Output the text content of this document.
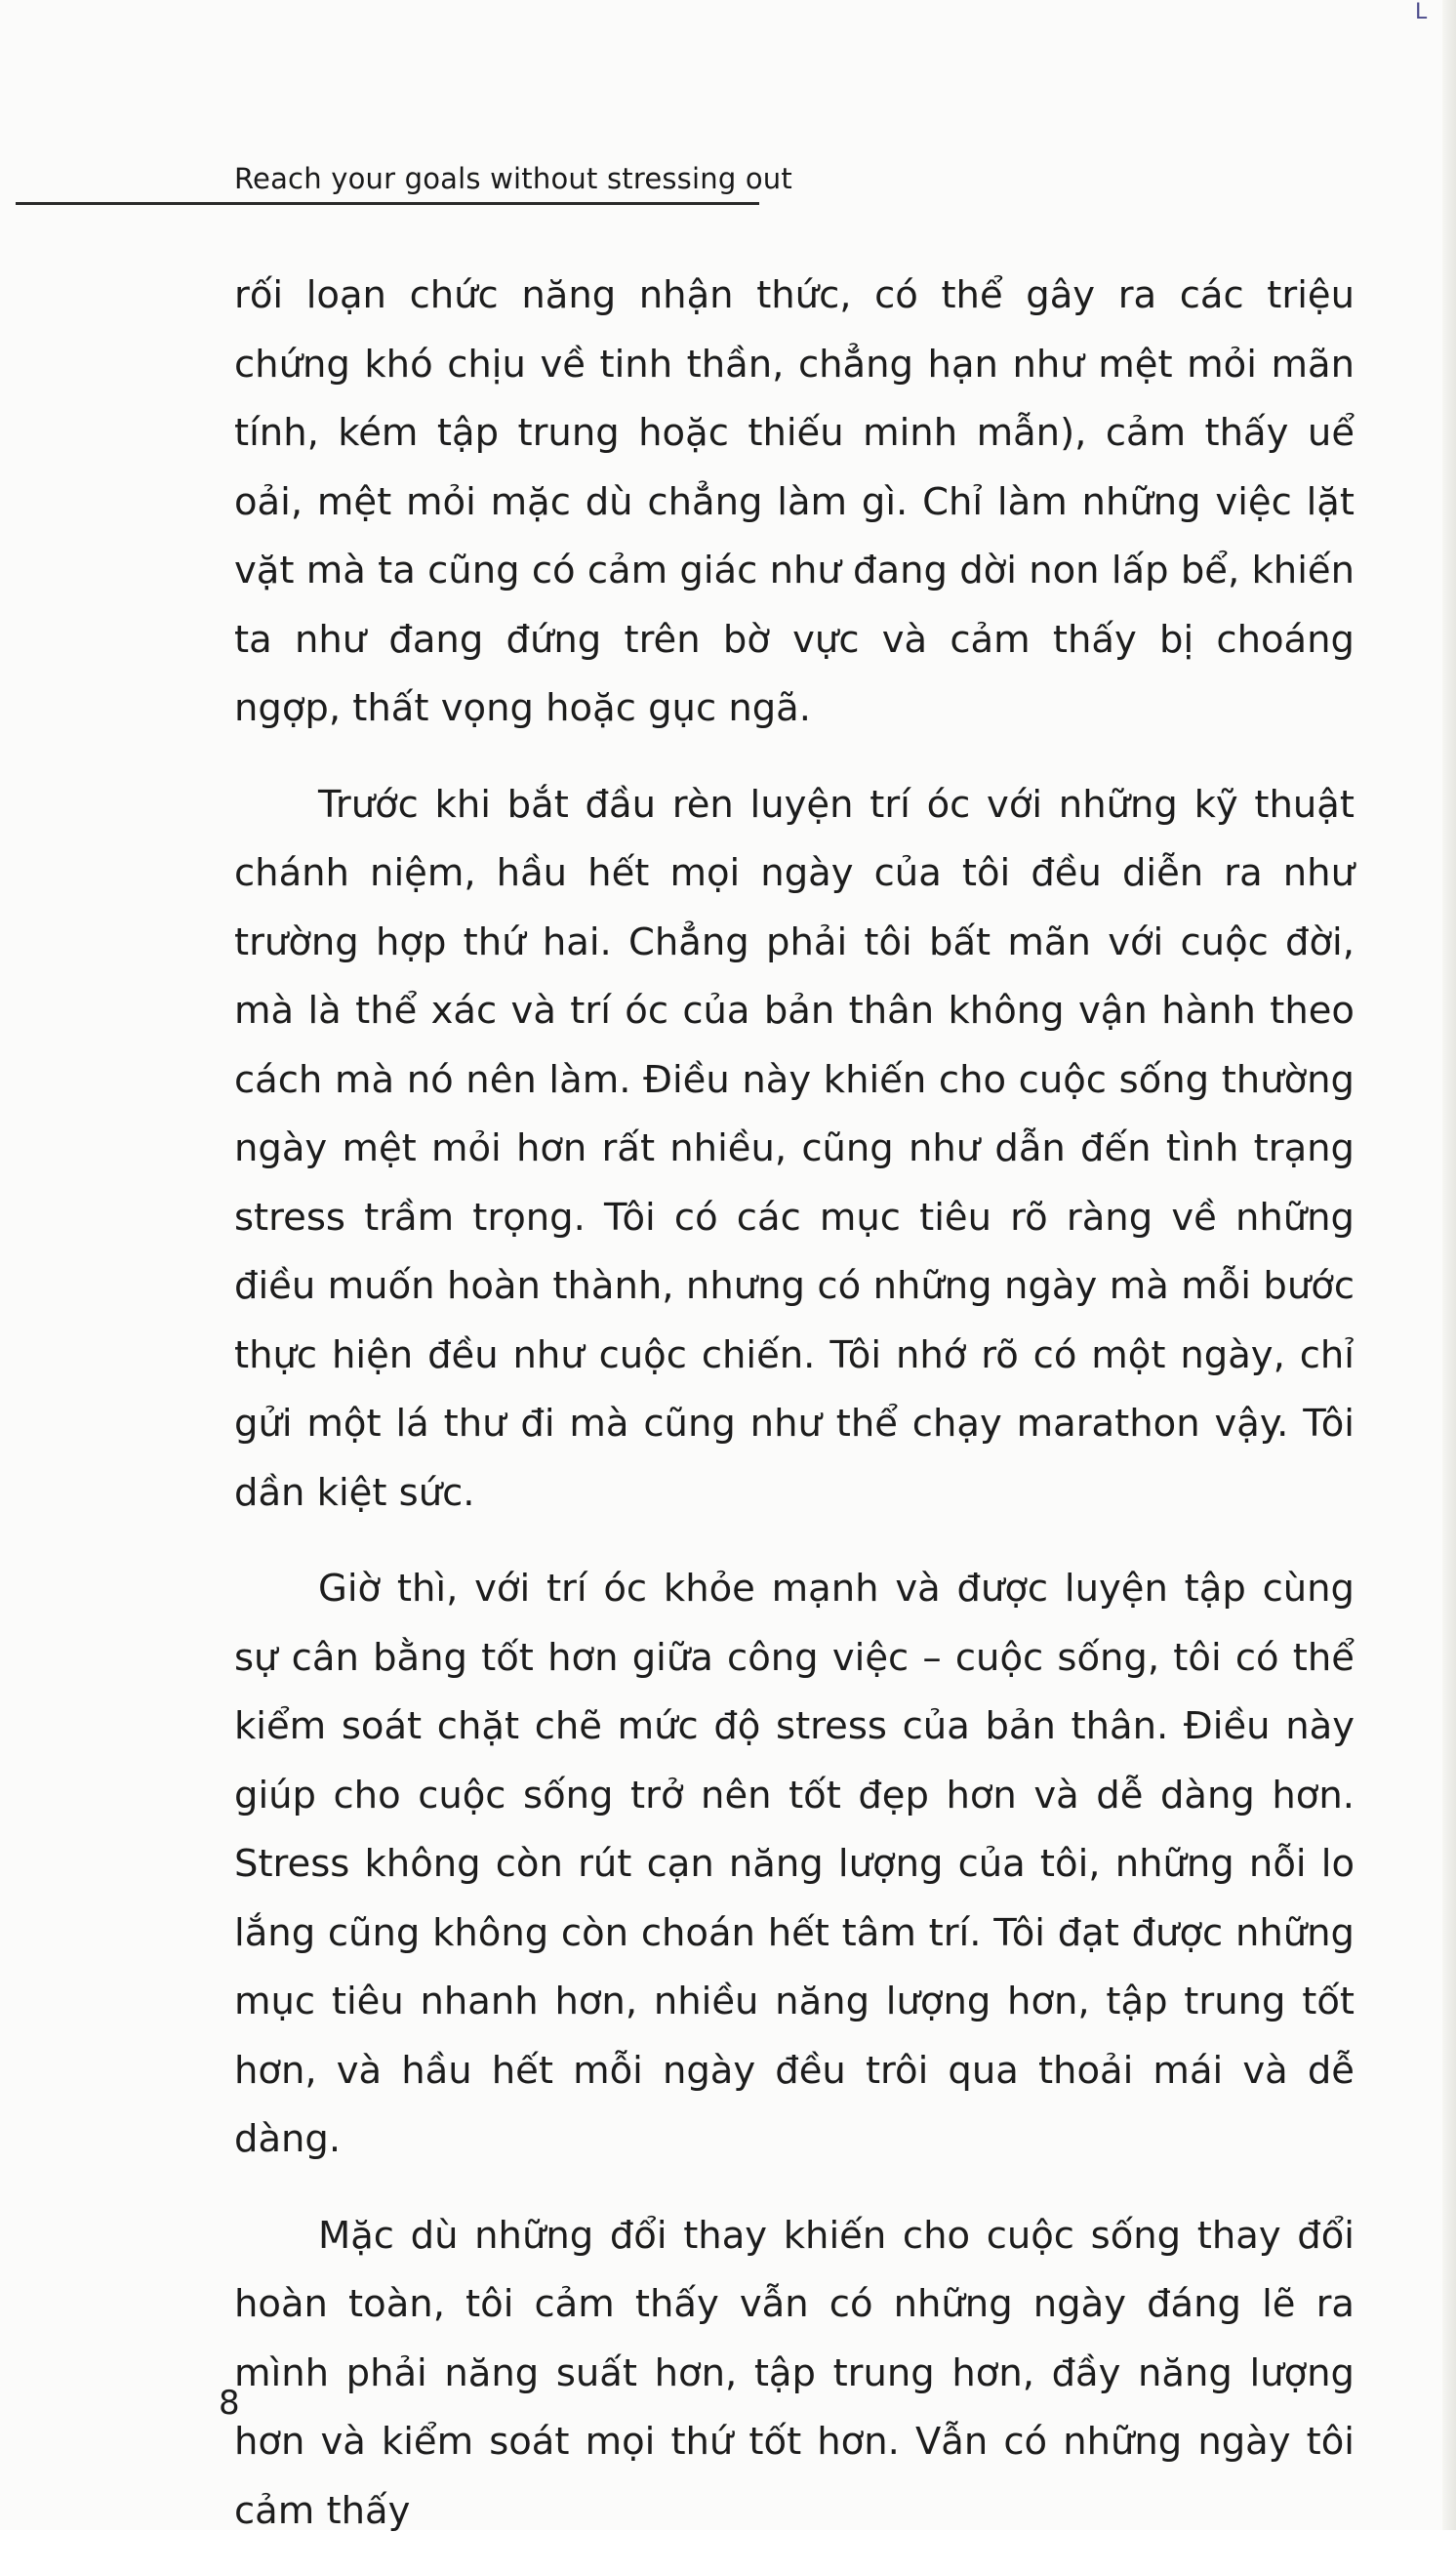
L
Reach your goals without stressing out

rối loạn chức năng nhận thức, có thể gây ra các triệu chứng khó chịu về tinh thần, chẳng hạn như mệt mỏi mãn tính, kém tập trung hoặc thiếu minh mẫn), cảm thấy uể oải, mệt mỏi mặc dù chẳng làm gì. Chỉ làm những việc lặt vặt mà ta cũng có cảm giác như đang dời non lấp bể, khiến ta như đang đứng trên bờ vực và cảm thấy bị choáng ngợp, thất vọng hoặc gục ngã.

Trước khi bắt đầu rèn luyện trí óc với những kỹ thuật chánh niệm, hầu hết mọi ngày của tôi đều diễn ra như trường hợp thứ hai. Chẳng phải tôi bất mãn với cuộc đời, mà là thể xác và trí óc của bản thân không vận hành theo cách mà nó nên làm. Điều này khiến cho cuộc sống thường ngày mệt mỏi hơn rất nhiều, cũng như dẫn đến tình trạng stress trầm trọng. Tôi có các mục tiêu rõ ràng về những điều muốn hoàn thành, nhưng có những ngày mà mỗi bước thực hiện đều như cuộc chiến. Tôi nhớ rõ có một ngày, chỉ gửi một lá thư đi mà cũng như thể chạy marathon vậy. Tôi dần kiệt sức.

Giờ thì, với trí óc khỏe mạnh và được luyện tập cùng sự cân bằng tốt hơn giữa công việc – cuộc sống, tôi có thể kiểm soát chặt chẽ mức độ stress của bản thân. Điều này giúp cho cuộc sống trở nên tốt đẹp hơn và dễ dàng hơn. Stress không còn rút cạn năng lượng của tôi, những nỗi lo lắng cũng không còn choán hết tâm trí. Tôi đạt được những mục tiêu nhanh hơn, nhiều năng lượng hơn, tập trung tốt hơn, và hầu hết mỗi ngày đều trôi qua thoải mái và dễ dàng.

Mặc dù những đổi thay khiến cho cuộc sống thay đổi hoàn toàn, tôi cảm thấy vẫn có những ngày đáng lẽ ra mình phải năng suất hơn, tập trung hơn, đầy năng lượng hơn và kiểm soát mọi thứ tốt hơn. Vẫn có những ngày tôi cảm thấy

8
